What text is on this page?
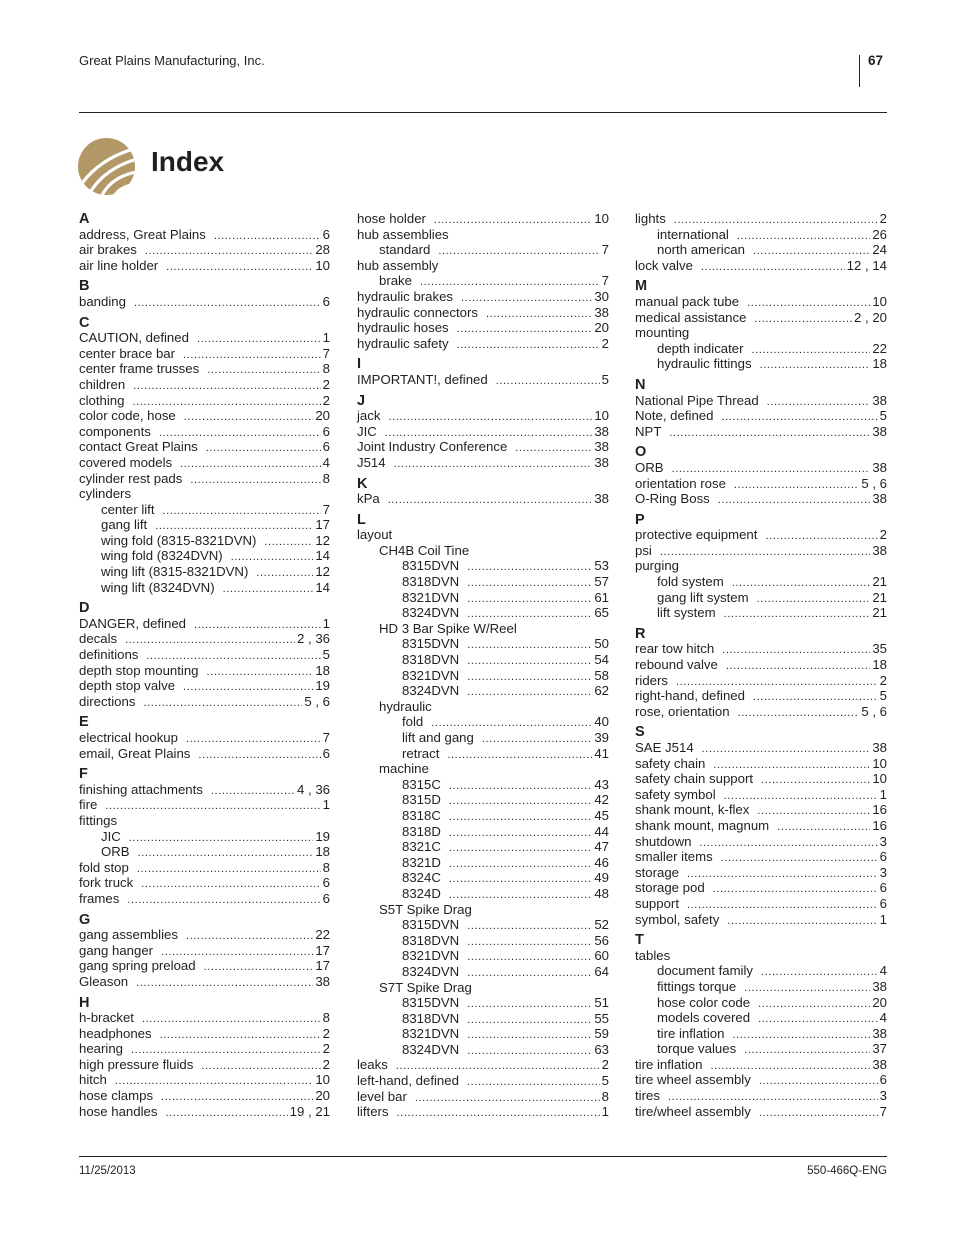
Great Plains Manufacturing, Inc.	67
Index
A
address, Great Plains .....	6
air brakes .....	28
air line holder .....	10
B
banding .....	6
C
CAUTION, defined .....	1
center brace bar .....	7
center frame trusses .....	8
children .....	2
clothing .....	2
color code, hose .....	20
components .....	6
contact Great Plains .....	6
covered models .....	4
cylinder rest pads .....	8
cylinders
center lift .....	7
gang lift .....	17
wing fold (8315-8321DVN) .....	12
wing fold (8324DVN) .....	14
wing lift (8315-8321DVN) .....	12
wing lift (8324DVN) .....	14
D
DANGER, defined .....	1
decals .....	2 , 36
definitions .....	5
depth stop mounting .....	18
depth stop valve .....	19
directions .....	5 , 6
E
electrical hookup .....	7
email, Great Plains .....	6
F
finishing attachments .....	4 , 36
fire .....	1
fittings
JIC .....	19
ORB .....	18
fold stop .....	8
fork truck .....	6
frames .....	6
G
gang assemblies .....	22
gang hanger .....	17
gang spring preload .....	17
Gleason .....	38
H
h-bracket .....	8
headphones .....	2
hearing .....	2
high pressure fluids .....	2
hitch .....	10
hose clamps .....	20
hose handles .....	19 , 21
hose holder .....	10
hub assemblies
standard .....	7
hub assembly
brake .....	7
hydraulic brakes .....	30
hydraulic connectors .....	38
hydraulic hoses .....	20
hydraulic safety .....	2
I
IMPORTANT!, defined .....	5
J
jack .....	10
JIC .....	38
Joint Industry Conference .....	38
J514 .....	38
K
kPa .....	38
L
layout
CH4B Coil Tine
8315DVN .....	53
8318DVN .....	57
8321DVN .....	61
8324DVN .....	65
HD 3 Bar Spike W/Reel
8315DVN .....	50
8318DVN .....	54
8321DVN .....	58
8324DVN .....	62
hydraulic
fold .....	40
lift and gang .....	39
retract .....	41
machine
8315C .....	43
8315D .....	42
8318C .....	45
8318D .....	44
8321C .....	47
8321D .....	46
8324C .....	49
8324D .....	48
S5T Spike Drag
8315DVN .....	52
8318DVN .....	56
8321DVN .....	60
8324DVN .....	64
S7T Spike Drag
8315DVN .....	51
8318DVN .....	55
8321DVN .....	59
8324DVN .....	63
leaks .....	2
left-hand, defined .....	5
level bar .....	8
lifters .....	1
lights .....	2
international .....	26
north american .....	24
lock valve .....	12 , 14
M
manual pack tube .....	10
medical assistance .....	2 , 20
mounting
depth indicater .....	22
hydraulic fittings .....	18
N
National Pipe Thread .....	38
Note, defined .....	5
NPT .....	38
O
ORB .....	38
orientation rose .....	5 , 6
O-Ring Boss .....	38
P
protective equipment .....	2
psi .....	38
purging
fold system .....	21
gang lift system .....	21
lift system .....	21
R
rear tow hitch .....	35
rebound valve .....	18
riders .....	2
right-hand, defined .....	5
rose, orientation .....	5 , 6
S
SAE J514 .....	38
safety chain .....	10
safety chain support .....	10
safety symbol .....	1
shank mount, k-flex .....	16
shank mount, magnum .....	16
shutdown .....	3
smaller items .....	6
storage .....	3
storage pod .....	6
support .....	6
symbol, safety .....	1
T
tables
document family .....	4
fittings torque .....	38
hose color code .....	20
models covered .....	4
tire inflation .....	38
torque values .....	37
tire inflation .....	38
tire wheel assembly .....	6
tires .....	3
tire/wheel assembly .....	7
11/25/2013	550-466Q-ENG
